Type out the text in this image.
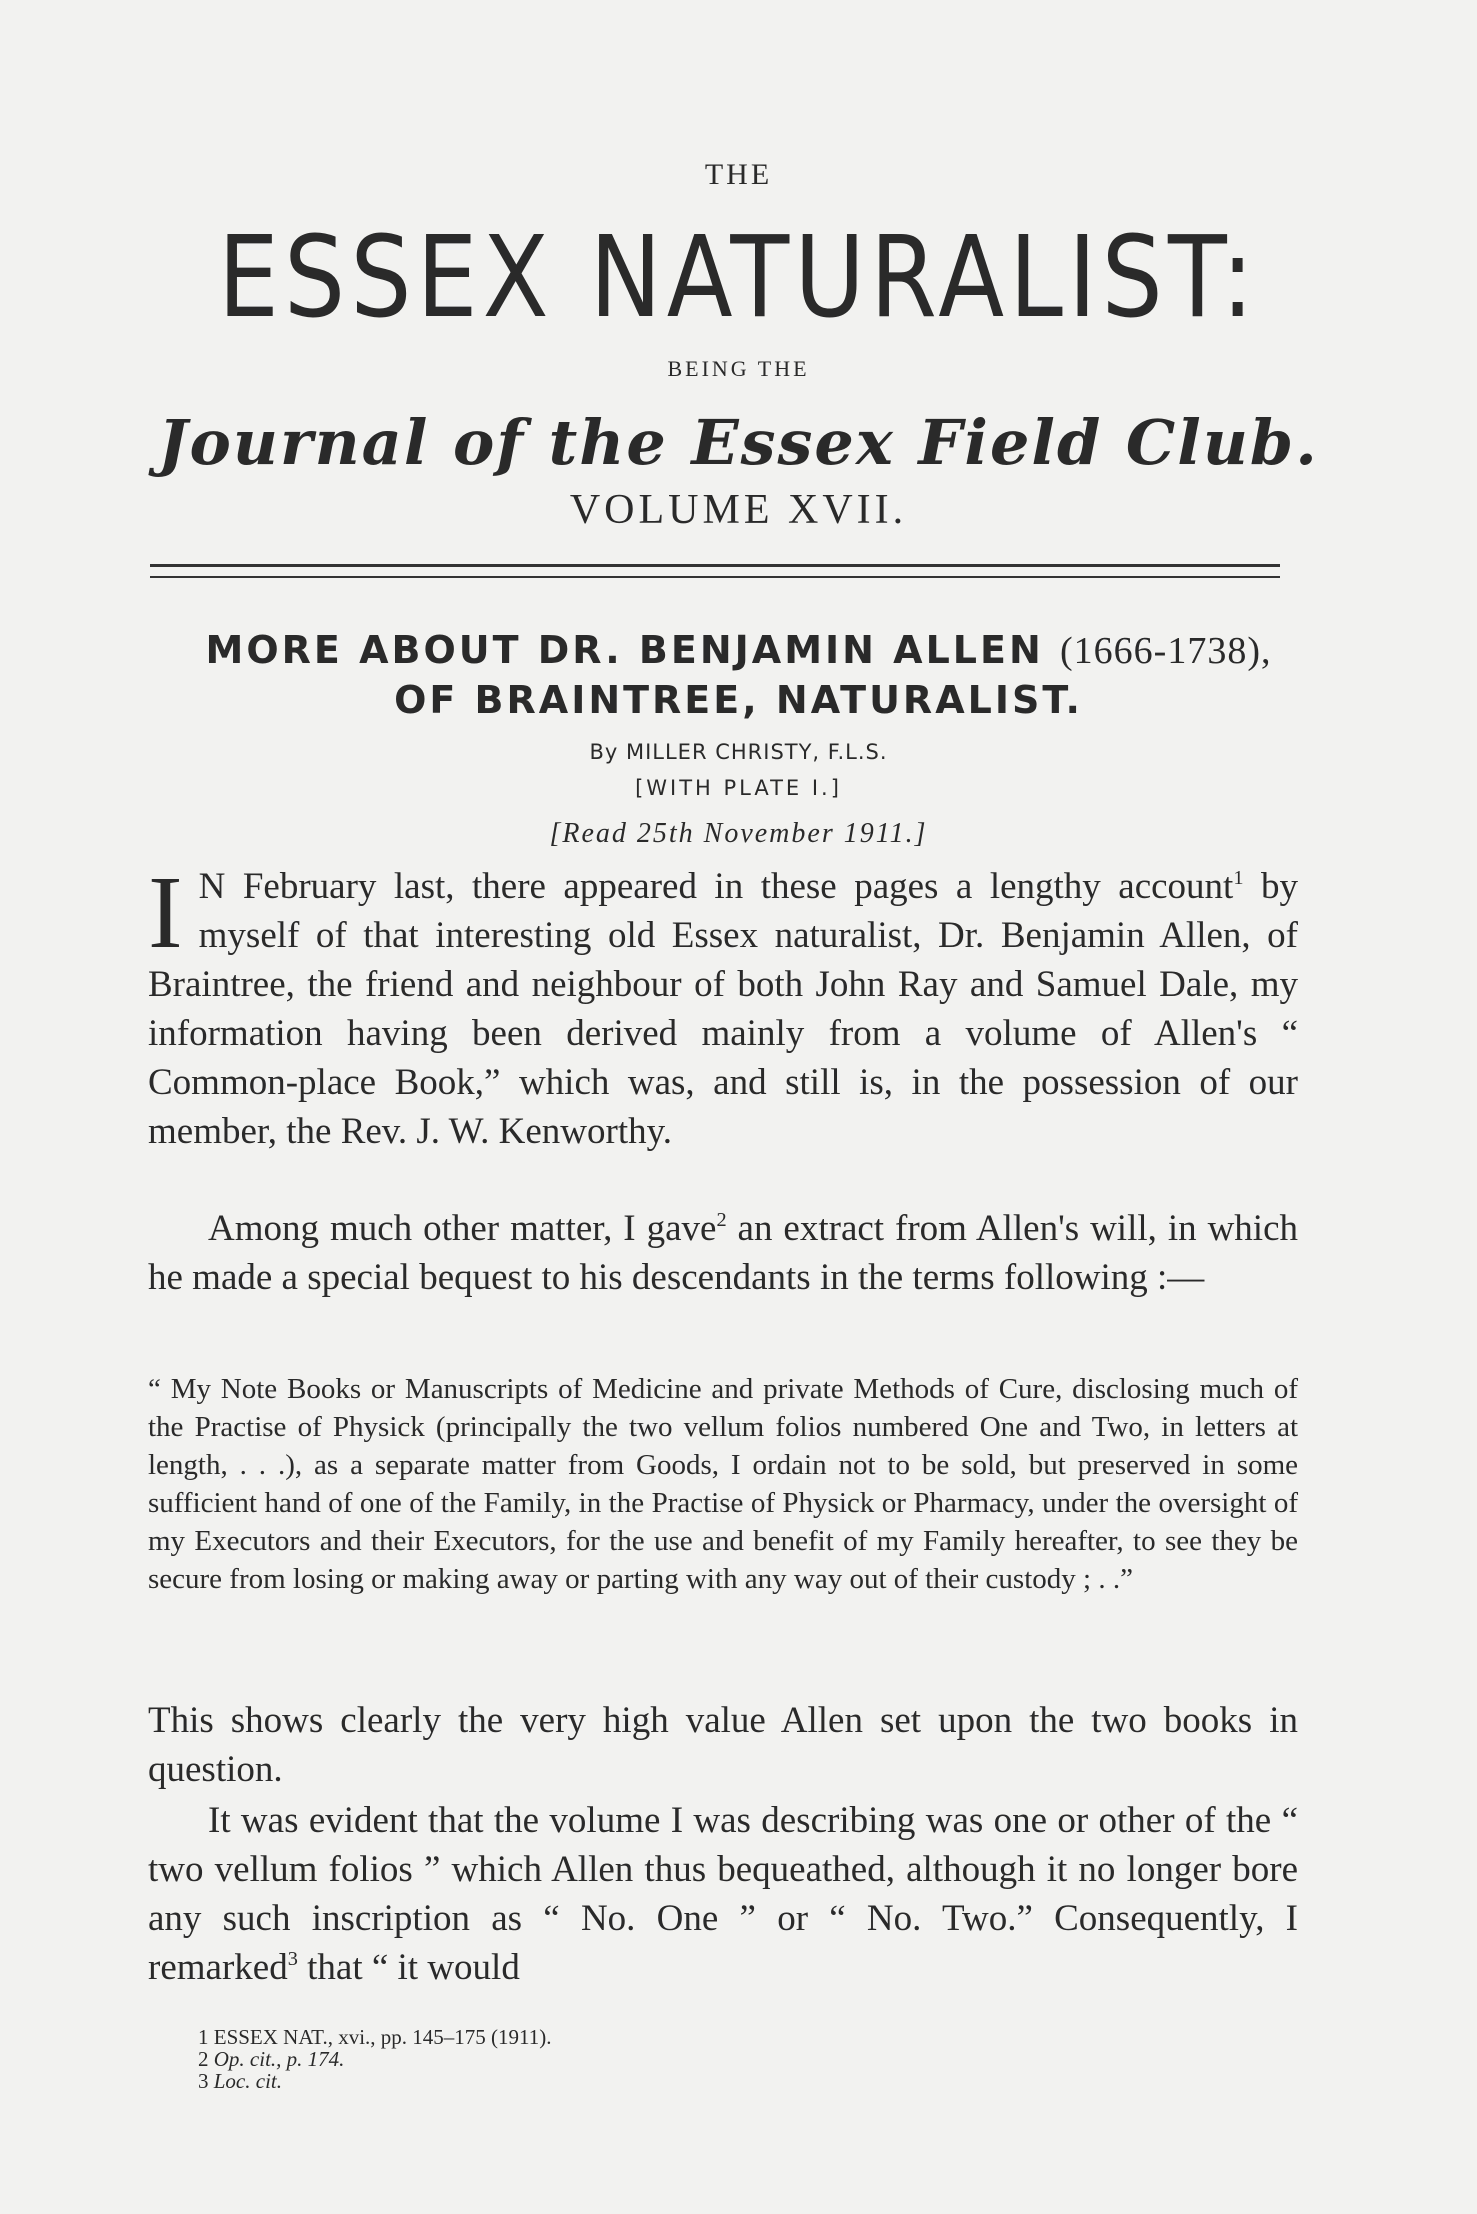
THE
ESSEX NATURALIST:
BEING THE
Journal of the Essex Field Club.
VOLUME XVII.
MORE ABOUT DR. BENJAMIN ALLEN (1666-1738),
OF BRAINTREE, NATURALIST.
By MILLER CHRISTY, F.L.S.
[WITH PLATE I.]
[Read 25th November 1911.]
I N February last, there appeared in these pages a lengthy account$^1$ by myself of that interesting old Essex naturalist, Dr. Benjamin Allen, of Braintree, the friend and neighbour of both John Ray and Samuel Dale, my information having been derived mainly from a volume of Allen's “ Common-place Book,” which was, and still is, in the possession of our member, the Rev. J. W. Kenworthy.
Among much other matter, I gave$^2$ an extract from Allen's will, in which he made a special bequest to his descendants in the terms following :—
“ My Note Books or Manuscripts of Medicine and private Methods of Cure, disclosing much of the Practise of Physick (principally the two vellum folios numbered One and Two, in letters at length, . . .), as a separate matter from Goods, I ordain not to be sold, but preserved in some sufficient hand of one of the Family, in the Practise of Physick or Pharmacy, under the oversight of my Executors and their Executors, for the use and benefit of my Family hereafter, to see they be secure from losing or making away or parting with any way out of their custody ; . .”
This shows clearly the very high value Allen set upon the two books in question.
It was evident that the volume I was describing was one or other of the “ two vellum folios ” which Allen thus bequeathed, although it no longer bore any such inscription as “ No. One ” or “ No. Two.” Consequently, I remarked$^3$ that “ it would
1 ESSEX NAT., xvi., pp. 145–175 (1911).
2 Op. cit., p. 174.
3 Loc. cit.
